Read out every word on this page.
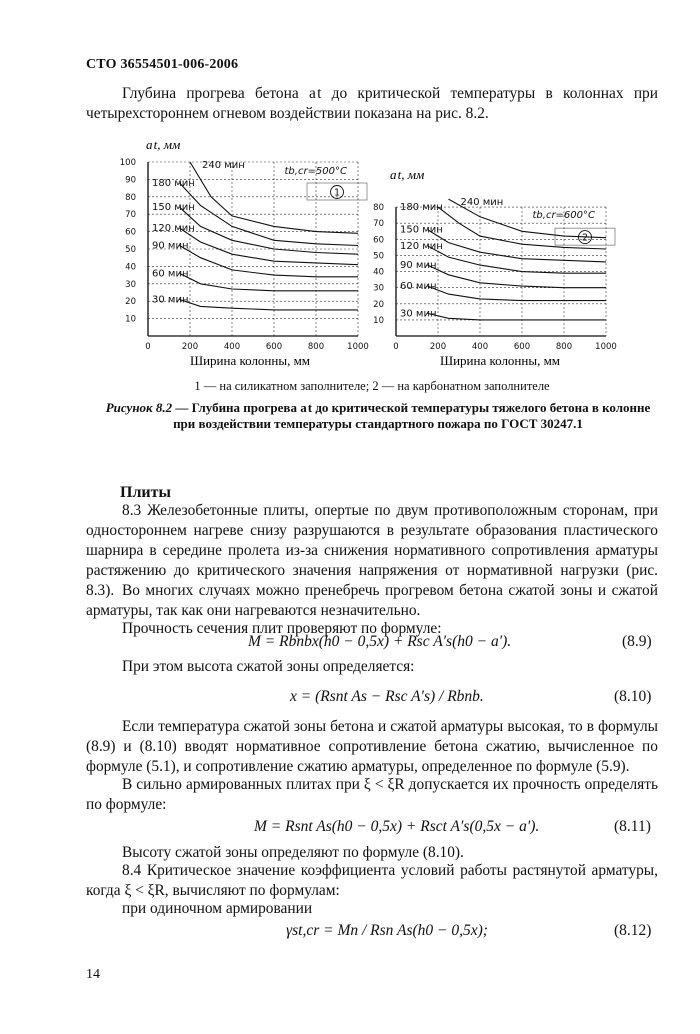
СТО 36554501-006-2006
Глубина прогрева бетона a t до критической температуры в колоннах при четырехстороннем огневом воздействии показана на рис. 8.2.
0	200	400	600	800	1000
10
20
30
40
50
60
70
80
90
100	240 мин
180 мин
150 мин
120 мин
90 мин
60 мин
30 мин
tb,cr=500°C
1
0	200	400	600	800	1000
10
20
30
40
50
60
70
80
240 мин
180 мин
150 мин
120 мин
90 мин
60 мин
30 мин
tb,cr=600°C
2
a t, мм
a t, мм
Ширина колонны, мм	Ширина колонны, мм
1 — на силикатном заполнителе; 2 — на карбонатном заполнителе
Рисунок 8.2 — Глубина прогрева a t до критической температуры тяжелого бетона в колонне при воздействии температуры стандартного пожара по ГОСТ 30247.1
Плиты
8.3 Железобетонные плиты, опертые по двум противоположным сторонам, при одностороннем нагреве снизу разрушаются в результате образования пластического шарнира в середине пролета из-за снижения нормативного сопротивления арматуры растяжению до критического значения напряжения от нормативной нагрузки (рис. 8.3). Во многих случаях можно пренебречь прогревом бетона сжатой зоны и сжатой арматуры, так как они нагреваются незначительно.
Прочность сечения плит проверяют по формуле:
M = Rbnbx(h0 − 0,5x) + Rsc A′s(h0 − a′).	(8.9)
При этом высота сжатой зоны определяется:
x = (Rsnt As − Rsc A′s) / Rbnb.	(8.10)
Если температура сжатой зоны бетона и сжатой арматуры высокая, то в формулы (8.9) и (8.10) вводят нормативное сопротивление бетона сжатию, вычисленное по формуле (5.1), и сопротивление сжатию арматуры, определенное по формуле (5.9).
В сильно армированных плитах при ξ < ξR допускается их прочность определять по формуле:
M = Rsnt As(h0 − 0,5x) + Rsct A′s(0,5x − a′).	(8.11)
Высоту сжатой зоны определяют по формуле (8.10).
8.4 Критическое значение коэффициента условий работы растянутой арматуры, когда ξ < ξR, вычисляют по формулам:
при одиночном армировании
γst,cr = Mn / Rsn As(h0 − 0,5x);	(8.12)
14
